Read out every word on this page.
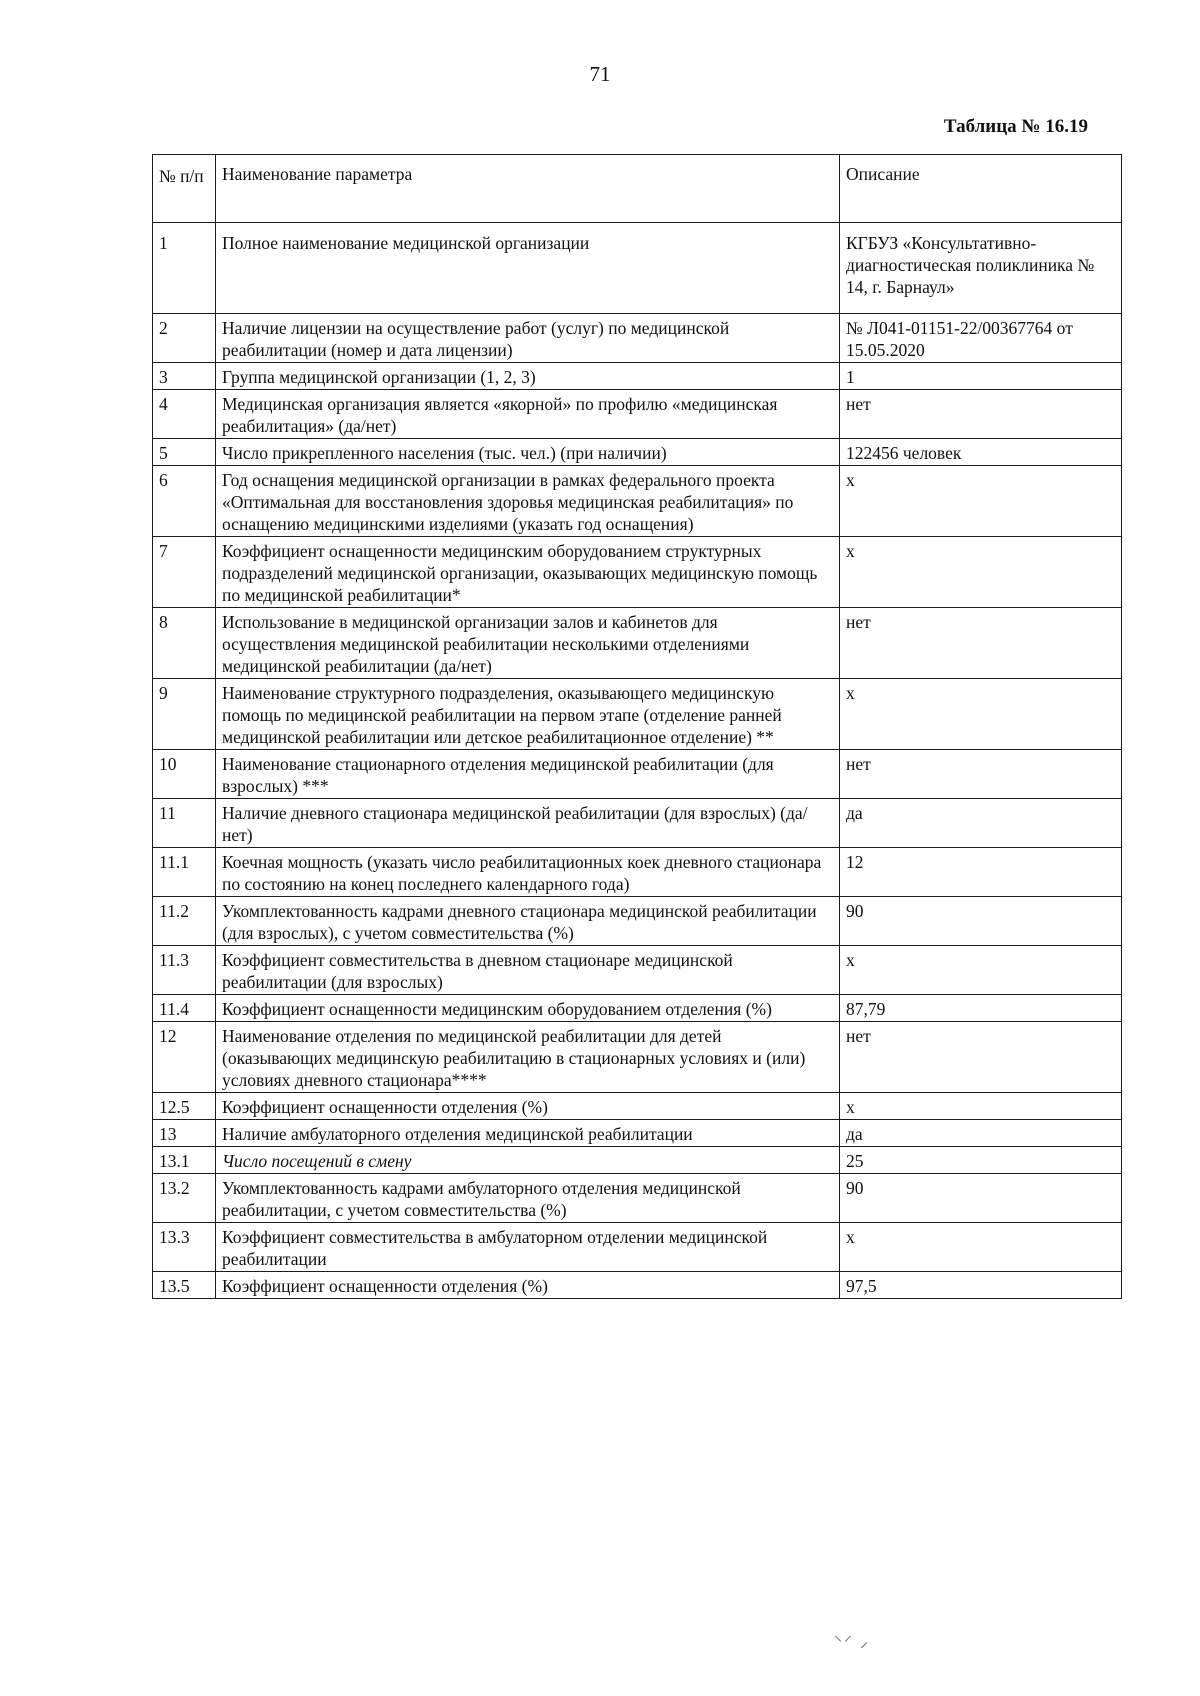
71
Таблица № 16.19
№ п/п	Наименование параметра	Описание
1	Полное наименование медицинской организации	КГБУЗ «Консультативно-диагностическая поликлиника № 14, г. Барнаул»
2	Наличие лицензии на осуществление работ (услуг) по медицинской реабилитации (номер и дата лицензии)	№ Л041-01151-22/00367764 от 15.05.2020
3	Группа медицинской организации (1, 2, 3)	1
4	Медицинская организация является «якорной» по профилю «медицинская реабилитация» (да/нет)	нет
5	Число прикрепленного населения (тыс. чел.) (при наличии)	122456 человек
6	Год оснащения медицинской организации в рамках федерального проекта «Оптимальная для восстановления здоровья медицинская реабилитация» по оснащению медицинскими изделиями (указать год оснащения)	х
7	Коэффициент оснащенности медицинским оборудованием структурных подразделений медицинской организации, оказывающих медицинскую помощь по медицинской реабилитации*	х
8	Использование в медицинской организации залов и кабинетов для осуществления медицинской реабилитации несколькими отделениями медицинской реабилитации (да/нет)	нет
9	Наименование структурного подразделения, оказывающего медицинскую помощь по медицинской реабилитации на первом этапе (отделение ранней медицинской реабилитации или детское реабилитационное отделение) **	х
10	Наименование стационарного отделения медицинской реабилитации (для взрослых) ***	нет
11	Наличие дневного стационара медицинской реабилитации (для взрослых) (да/нет)	да
11.1	Коечная мощность (указать число реабилитационных коек дневного стационара по состоянию на конец последнего календарного года)	12
11.2	Укомплектованность кадрами дневного стационара медицинской реабилитации (для взрослых), с учетом совместительства (%)	90
11.3	Коэффициент совместительства в дневном стационаре медицинской реабилитации (для взрослых)	х
11.4	Коэффициент оснащенности медицинским оборудованием отделения (%)	87,79
12	Наименование отделения по медицинской реабилитации для детей (оказывающих медицинскую реабилитацию в стационарных условиях и (или) условиях дневного стационара****	нет
12.5	Коэффициент оснащенности отделения (%)	х
13	Наличие амбулаторного отделения медицинской реабилитации	да
13.1	Число посещений в смену	25
13.2	Укомплектованность кадрами амбулаторного отделения медицинской реабилитации, с учетом совместительства (%)	90
13.3	Коэффициент совместительства в амбулаторном отделении медицинской реабилитации	х
13.5	Коэффициент оснащенности отделения (%)	97,5
⸌⸍ ⸝
